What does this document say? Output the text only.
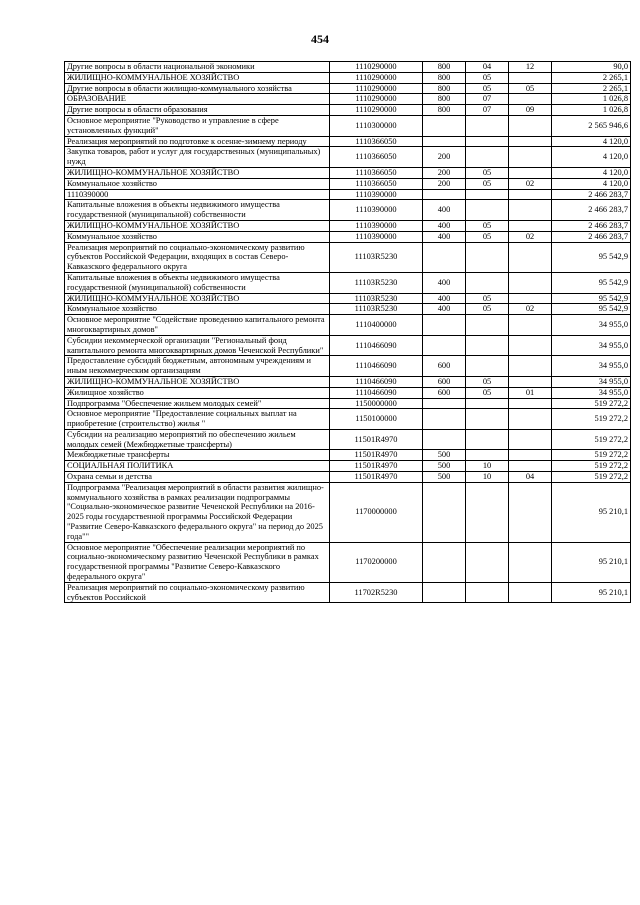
454
Другие вопросы в области национальной экономики	1110290000	800	04	12	90,0
ЖИЛИЩНО-КОММУНАЛЬНОЕ ХОЗЯЙСТВО	1110290000	800	05		2 265,1
Другие вопросы в области жилищно-коммунального хозяйства	1110290000	800	05	05	2 265,1
ОБРАЗОВАНИЕ	1110290000	800	07		1 026,8
Другие вопросы в области образования	1110290000	800	07	09	1 026,8
Основное мероприятие "Руководство и управление в сфере установленных функций"	1110300000				2 565 946,6
Реализация мероприятий по подготовке к осенне-зимнему периоду	1110366050				4 120,0
Закупка товаров, работ и услуг для государственных (муниципальных) нужд	1110366050	200			4 120,0
ЖИЛИЩНО-КОММУНАЛЬНОЕ ХОЗЯЙСТВО	1110366050	200	05		4 120,0
Коммунальное хозяйство	1110366050	200	05	02	4 120,0
1110390000	1110390000				2 466 283,7
Капитальные вложения в объекты недвижимого имущества государственной (муниципальной) собственности	1110390000	400			2 466 283,7
ЖИЛИЩНО-КОММУНАЛЬНОЕ ХОЗЯЙСТВО	1110390000	400	05		2 466 283,7
Коммунальное хозяйство	1110390000	400	05	02	2 466 283,7
Реализация мероприятий по социально-экономическому развитию субъектов Российской Федерации, входящих в состав Северо-Кавказского федерального округа	11103R5230				95 542,9
Капитальные вложения в объекты недвижимого имущества государственной (муниципальной) собственности	11103R5230	400			95 542,9
ЖИЛИЩНО-КОММУНАЛЬНОЕ ХОЗЯЙСТВО	11103R5230	400	05		95 542,9
Коммунальное хозяйство	11103R5230	400	05	02	95 542,9
Основное мероприятие "Содействие проведению капитального ремонта многоквартирных домов"	1110400000				34 955,0
Субсидии некоммерческой организации "Региональный фонд капитального ремонта многоквартирных домов Чеченской Республики"	1110466090				34 955,0
Предоставление субсидий бюджетным, автономным учреждениям и иным некоммерческим организациям	1110466090	600			34 955,0
ЖИЛИЩНО-КОММУНАЛЬНОЕ ХОЗЯЙСТВО	1110466090	600	05		34 955,0
Жилищное хозяйство	1110466090	600	05	01	34 955,0
Подпрограмма "Обеспечение жильем молодых семей"	1150000000				519 272,2
Основное мероприятие "Предоставление социальных выплат на приобретение (строительство) жилья "	1150100000				519 272,2
Субсидии на реализацию мероприятий по обеспечению жильем молодых семей (Межбюджетные трансферты)	11501R4970				519 272,2
Межбюджетные трансферты	11501R4970	500			519 272,2
СОЦИАЛЬНАЯ ПОЛИТИКА	11501R4970	500	10		519 272,2
Охрана семьи и детства	11501R4970	500	10	04	519 272,2
Подпрограмма "Реализация мероприятий в области развития жилищно-коммунального хозяйства в рамках реализации подпрограммы "Социально-экономическое развитие Чеченской Республики на 2016-2025 годы государственной программы Российской Федерации "Развитие Северо-Кавказского федерального округа" на период до 2025 года""	1170000000				95 210,1
Основное мероприятие "Обеспечение реализации мероприятий по социально-экономическому развитию Чеченской Республики в рамках государственной программы "Развитие Северо-Кавказского федерального округа"	1170200000				95 210,1
Реализация мероприятий по социально-экономическому развитию субъектов Российской	11702R5230				95 210,1
